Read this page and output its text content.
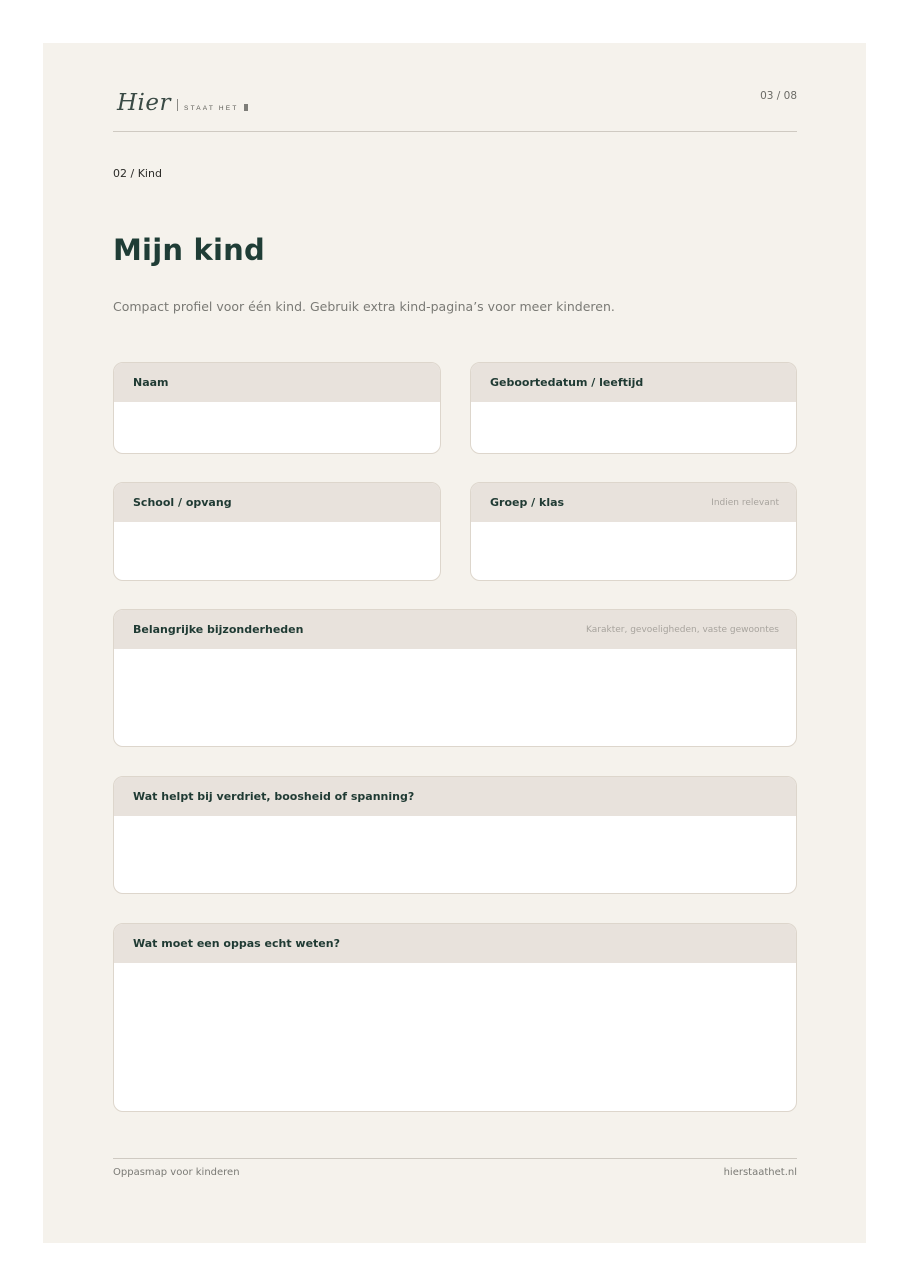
Hier STAAT HET
03 / 08
02 / Kind
Mijn kind
Compact profiel voor één kind. Gebruik extra kind-pagina’s voor meer kinderen.
Naam	Geboortedatum / leeftijd
School / opvang	Groep / klas	Indien relevant
Belangrijke bijzonderheden	Karakter, gevoeligheden, vaste gewoontes
Wat helpt bij verdriet, boosheid of spanning?
Wat moet een oppas echt weten?
Oppasmap voor kinderen	hierstaathet.nl
